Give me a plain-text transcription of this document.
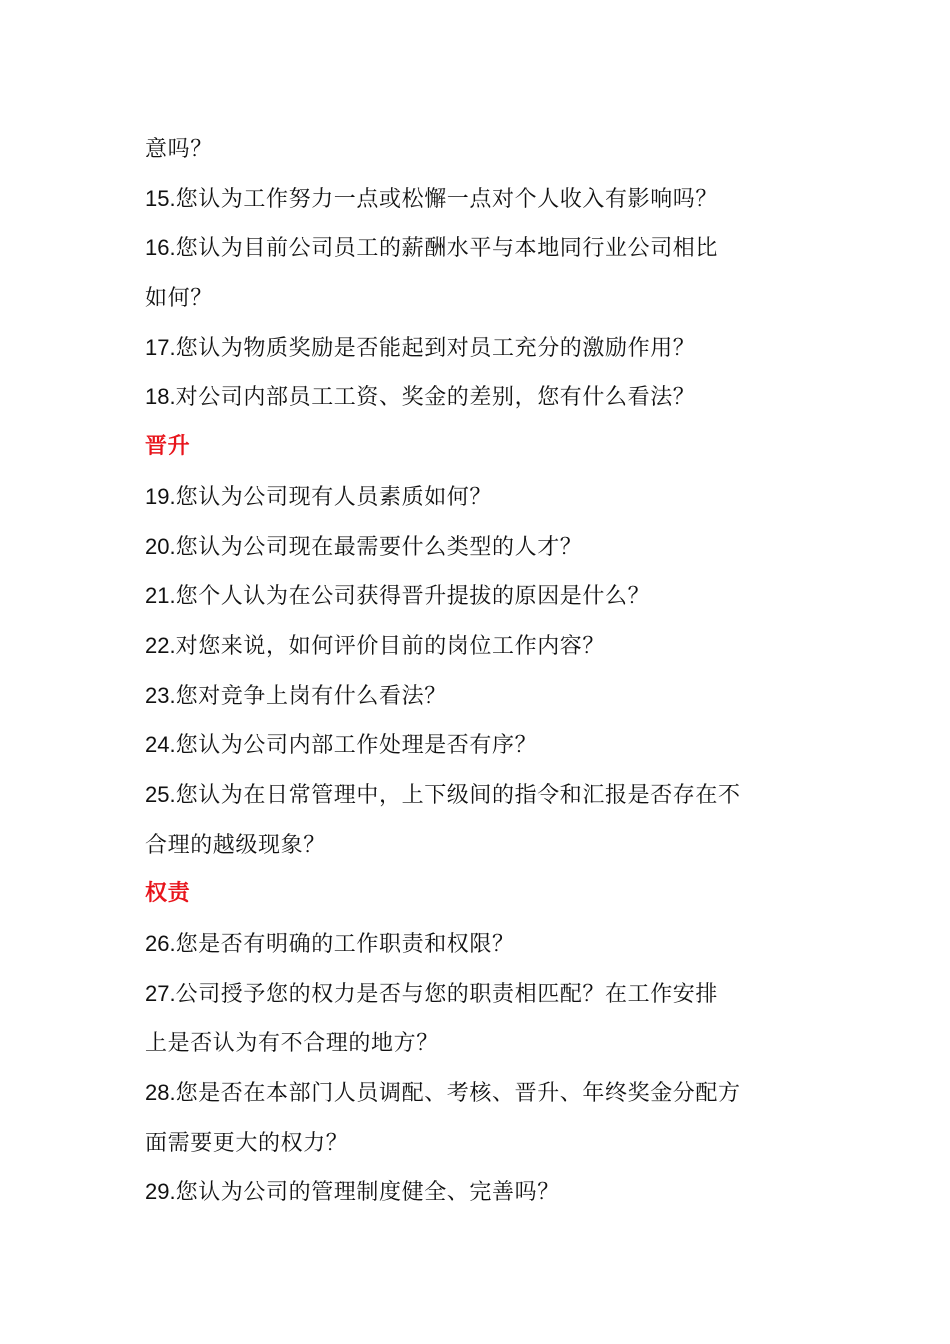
意吗？
15.您认为工作努力一点或松懈一点对个人收入有影响吗？
16.您认为目前公司员工的薪酬水平与本地同行业公司相比
如何？
17.您认为物质奖励是否能起到对员工充分的激励作用？
18.对公司内部员工工资、奖金的差别，您有什么看法？
晋升
19.您认为公司现有人员素质如何？
20.您认为公司现在最需要什么类型的人才？
21.您个人认为在公司获得晋升提拔的原因是什么？
22.对您来说，如何评价目前的岗位工作内容？
23.您对竞争上岗有什么看法？
24.您认为公司内部工作处理是否有序？
25.您认为在日常管理中，上下级间的指令和汇报是否存在不
合理的越级现象？
权责
26.您是否有明确的工作职责和权限？
27.公司授予您的权力是否与您的职责相匹配？在工作安排
上是否认为有不合理的地方？
28.您是否在本部门人员调配、考核、晋升、年终奖金分配方
面需要更大的权力？
29.您认为公司的管理制度健全、完善吗？
